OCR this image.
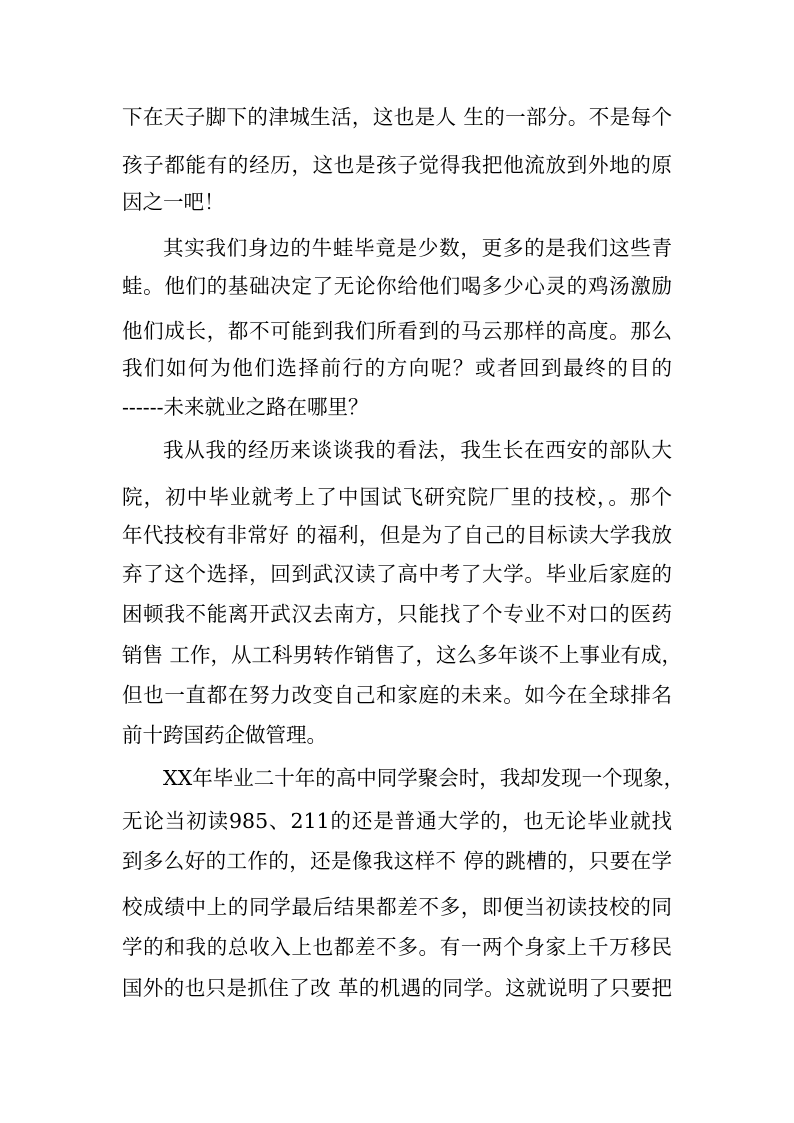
下在天子脚下的津城生活，这也是人 生的一部分。不是每个
孩子都能有的经历，这也是孩子觉得我把他流放到外地的原
因之一吧！
其实我们身边的牛蛙毕竟是少数，更多的是我们这些青
蛙。他们的基础决定了无论你给他们喝多少心灵的鸡汤激励
他们成长，都不可能到我们所看到的马云那样的高度。那么
我们如何为他们选择前行的方向呢？或者回到最终的目的
------未来就业之路在哪里？
我从我的经历来谈谈我的看法，我生长在西安的部队大
院，初中毕业就考上了中国试飞研究院厂里的技校，。那个
年代技校有非常好 的福利，但是为了自己的目标读大学我放
弃了这个选择，回到武汉读了高中考了大学。毕业后家庭的
困顿我不能离开武汉去南方，只能找了个专业不对口的医药
销售 工作，从工科男转作销售了，这么多年谈不上事业有成，
但也一直都在努力改变自己和家庭的未来。如今在全球排名
前十跨国药企做管理。
XX年毕业二十年的高中同学聚会时，我却发现一个现象，
无论当初读985、211的还是普通大学的，也无论毕业就找
到多么好的工作的，还是像我这样不 停的跳槽的，只要在学
校成绩中上的同学最后结果都差不多，即便当初读技校的同
学的和我的总收入上也都差不多。有一两个身家上千万移民
国外的也只是抓住了改 革的机遇的同学。这就说明了只要把
